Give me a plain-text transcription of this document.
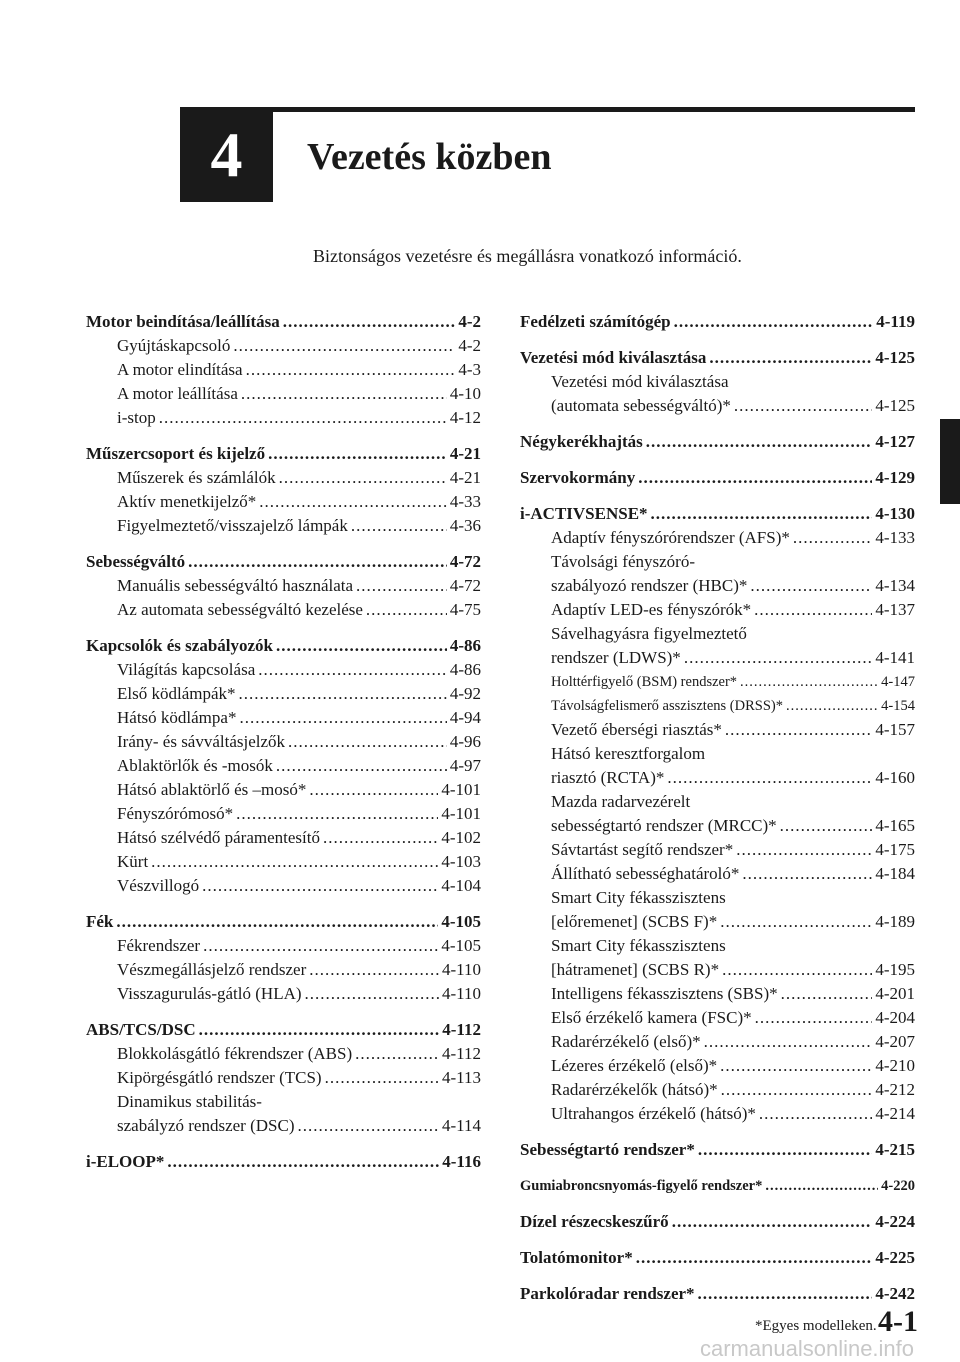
4	Vezetés közben
Biztonságos vezetésre és megállásra vonatkozó információ.
Motor beindítása/leállítása .....	4-2
Gyújtáskapcsoló .....	4-2
A motor elindítása .....	4-3
A motor leállítása .....	4-10
i-stop .....	4-12
Műszercsoport és kijelző .....	4-21
Műszerek és számlálók .....	4-21
Aktív menetkijelző* .....	4-33
Figyelmeztető/visszajelző lámpák .....	4-36
Sebességváltó .....	4-72
Manuális sebességváltó használata .....	4-72
Az automata sebességváltó kezelése .....	4-75
Kapcsolók és szabályozók .....	4-86
Világítás kapcsolása .....	4-86
Első ködlámpák* .....	4-92
Hátsó ködlámpa* .....	4-94
Irány- és sávváltásjelzők .....	4-96
Ablaktörlők és -mosók .....	4-97
Hátsó ablaktörlő és –mosó* .....	4-101
Fényszórómosó* .....	4-101
Hátsó szélvédő páramentesítő .....	4-102
Kürt .....	4-103
Vészvillogó .....	4-104
Fék .....	4-105
Fékrendszer .....	4-105
Vészmegállásjelző rendszer .....	4-110
Visszagurulás-gátló (HLA) .....	4-110
ABS/TCS/DSC .....	4-112
Blokkolásgátló fékrendszer (ABS) .....	4-112
Kipörgésgátló rendszer (TCS) .....	4-113
Dinamikus stabilitás-
szabályzó rendszer (DSC) .....	4-114
i-ELOOP* .....	4-116
Fedélzeti számítógép .....	4-119
Vezetési mód kiválasztása .....	4-125
Vezetési mód kiválasztása
(automata sebességváltó)* .....	4-125
Négykerékhajtás .....	4-127
Szervokormány .....	4-129
i-ACTIVSENSE* .....	4-130
Adaptív fényszórórendszer (AFS)* .....	4-133
Távolsági fényszóró-
szabályozó rendszer (HBC)* .....	4-134
Adaptív LED-es fényszórók* .....	4-137
Sávelhagyásra figyelmeztető
rendszer (LDWS)* .....	4-141
Holttérfigyelő (BSM) rendszer* .....	4-147
Távolságfelismerő asszisztens (DRSS)* .....	4-154
Vezető éberségi riasztás* .....	4-157
Hátsó keresztforgalom
riasztó (RCTA)* .....	4-160
Mazda radarvezérelt
sebességtartó rendszer (MRCC)* .....	4-165
Sávtartást segítő rendszer* .....	4-175
Állítható sebességhatároló* .....	4-184
Smart City fékasszisztens
[előremenet] (SCBS F)* .....	4-189
Smart City fékasszisztens
[hátramenet] (SCBS R)* .....	4-195
Intelligens fékasszisztens (SBS)* .....	4-201
Első érzékelő kamera (FSC)* .....	4-204
Radarérzékelő (első)* .....	4-207
Lézeres érzékelő (első)* .....	4-210
Radarérzékelők (hátsó)* .....	4-212
Ultrahangos érzékelő (hátsó)* .....	4-214
Sebességtartó rendszer* .....	4-215
Gumiabroncsnyomás-figyelő rendszer* .....	4-220
Dízel részecskeszűrő .....	4-224
Tolatómonitor* .....	4-225
Parkolóradar rendszer* .....	4-242
*Egyes modelleken. 4-1
carmanualsonline.info
